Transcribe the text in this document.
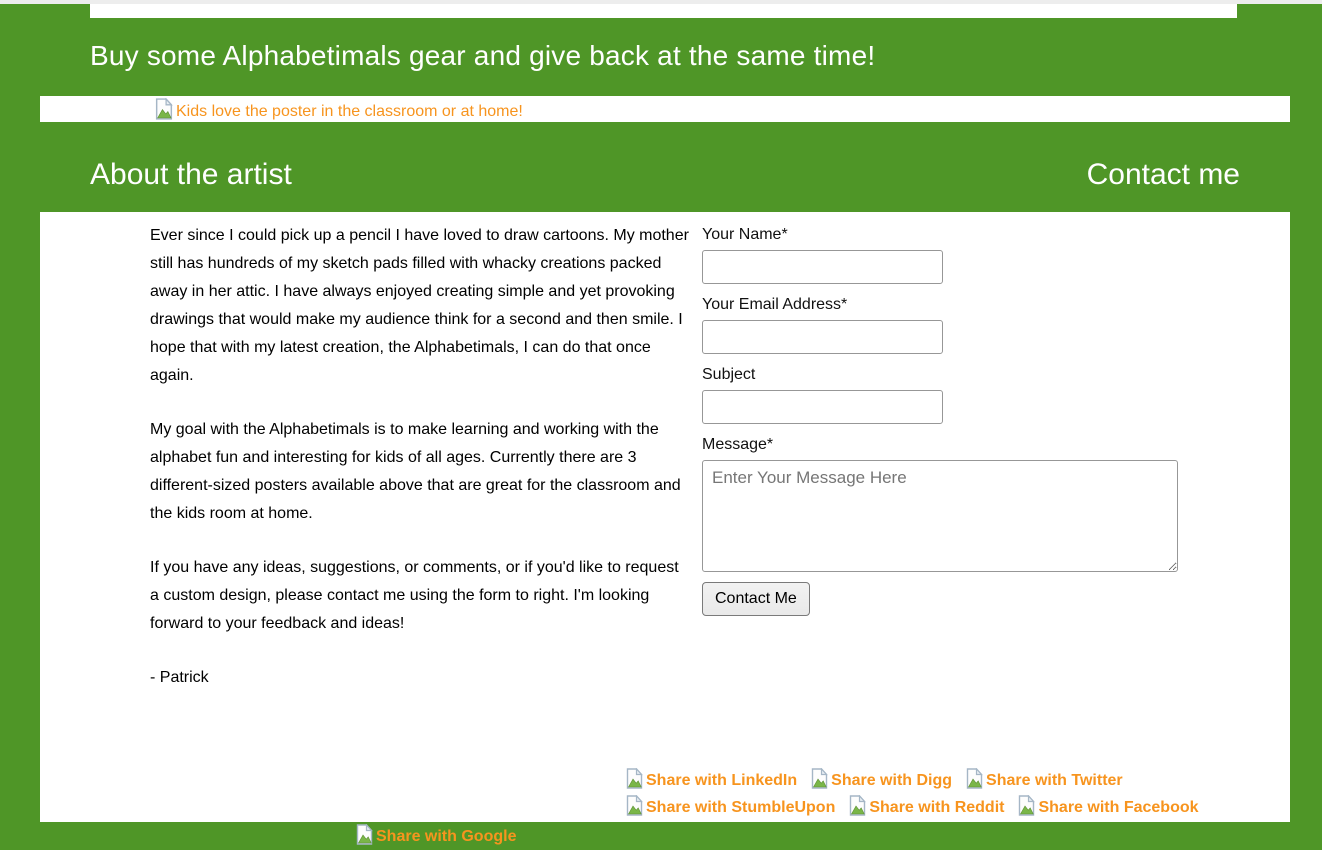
Buy some Alphabetimals gear and give back at the same time!
Kids love the poster in the classroom or at home!
About the artist	Contact me

Ever since I could pick up a pencil I have loved to draw cartoons. My mother still has hundreds of my sketch pads filled with whacky creations packed away in her attic. I have always enjoyed creating simple and yet provoking drawings that would make my audience think for a second and then smile. I hope that with my latest creation, the Alphabetimals, I can do that once again.

My goal with the Alphabetimals is to make learning and working with the alphabet fun and interesting for kids of all ages. Currently there are 3 different-sized posters available above that are great for the classroom and the kids room at home.

If you have any ideas, suggestions, or comments, or if you'd like to request a custom design, please contact me using the form to right. I'm looking forward to your feedback and ideas!

- Patrick

Your Name*
Your Email Address*
Subject
Message*
Enter Your Message Here Contact Me
Share with LinkedIn Share with Digg Share with Twitter
Share with StumbleUpon Share with Reddit Share with Facebook
Share with Google
